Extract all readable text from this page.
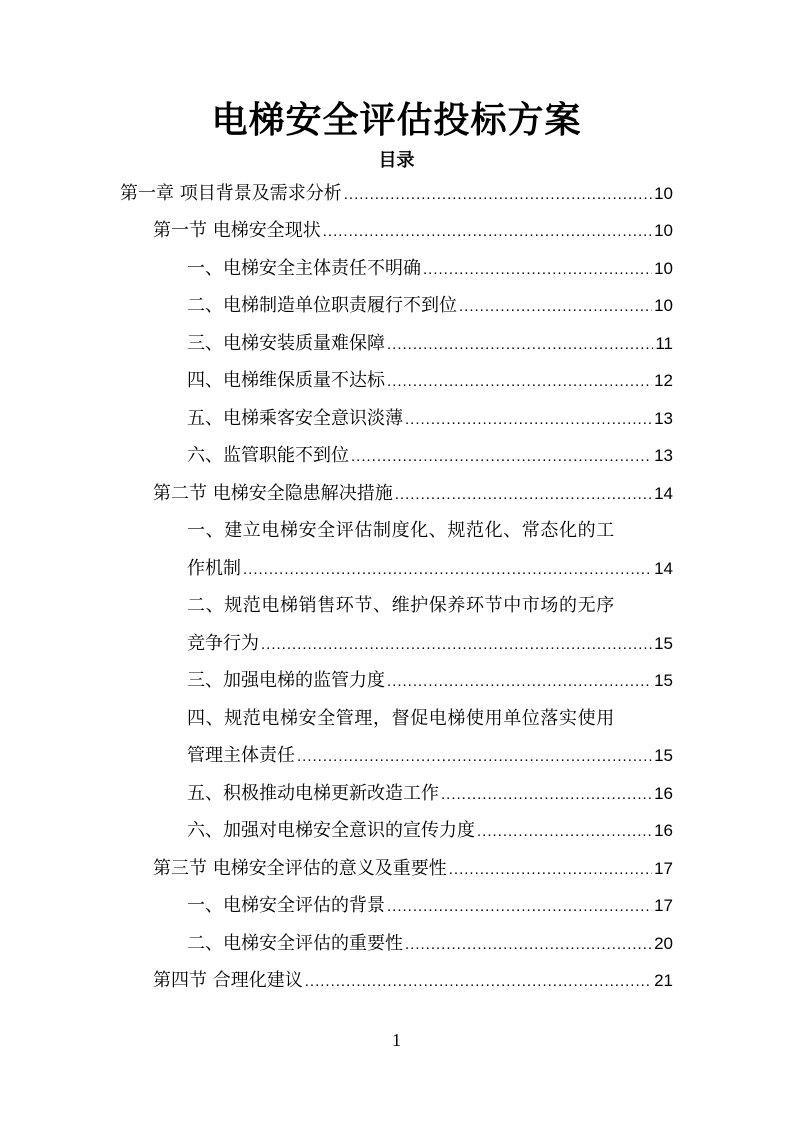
电梯安全评估投标方案
目录
第一章 项目背景及需求分析 .....	10
第一节 电梯安全现状 .....	10
一、电梯安全主体责任不明确 .....	10
二、电梯制造单位职责履行不到位 .....	10
三、电梯安装质量难保障 .....	11
四、电梯维保质量不达标 .....	12
五、电梯乘客安全意识淡薄 .....	13
六、监管职能不到位 .....	13
第二节 电梯安全隐患解决措施 .....	14
一、建立电梯安全评估制度化、规范化、常态化的工
作机制 .....	14
二、规范电梯销售环节、维护保养环节中市场的无序
竞争行为 .....	15
三、加强电梯的监管力度 .....	15
四、规范电梯安全管理，督促电梯使用单位落实使用
管理主体责任 .....	15
五、积极推动电梯更新改造工作 .....	16
六、加强对电梯安全意识的宣传力度 .....	16
第三节 电梯安全评估的意义及重要性 .....	17
一、电梯安全评估的背景 .....	17
二、电梯安全评估的重要性 .....	20
第四节 合理化建议 .....	21
1
